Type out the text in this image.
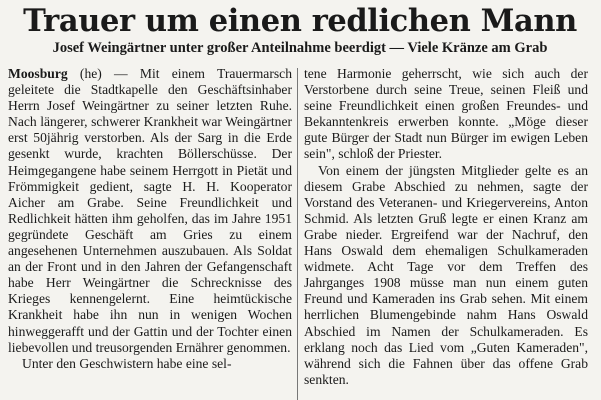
Trauer um einen redlichen Mann
Josef Weingärtner unter großer Anteilnahme beerdigt — Viele Kränze am Grab

Moosburg (he) — Mit einem Trauermarsch geleitete die Stadtkapelle den Geschäftsinhaber Herrn Josef Weingärtner zu seiner letzten Ruhe. Nach längerer, schwerer Krankheit war Weingärtner erst 50jährig verstorben. Als der Sarg in die Erde gesenkt wurde, krachten Böllerschüsse. Der Heimgegangene habe seinem Herrgott in Pietät und Frömmigkeit gedient, sagte H. H. Kooperator Aicher am Grabe. Seine Freundlichkeit und Redlichkeit hätten ihm geholfen, das im Jahre 1951 gegründete Geschäft am Gries zu einem angesehenen Unternehmen auszubauen. Als Soldat an der Front und in den Jahren der Gefangenschaft habe Herr Weingärtner die Schrecknisse des Krieges kennengelernt. Eine heimtückische Krankheit habe ihn nun in wenigen Wochen hinweggerafft und der Gattin und der Tochter einen liebevollen und treusorgenden Ernährer genommen.

Unter den Geschwistern habe eine sel-

tene Harmonie geherrscht, wie sich auch der Verstorbene durch seine Treue, seinen Fleiß und seine Freundlichkeit einen großen Freundes- und Bekanntenkreis erwerben konnte. „Möge dieser gute Bürger der Stadt nun Bürger im ewigen Leben sein", schloß der Priester.

Von einem der jüngsten Mitglieder gelte es an diesem Grabe Abschied zu nehmen, sagte der Vorstand des Veteranen- und Kriegervereins, Anton Schmid. Als letzten Gruß legte er einen Kranz am Grabe nieder. Ergreifend war der Nachruf, den Hans Oswald dem ehemaligen Schulkameraden widmete. Acht Tage vor dem Treffen des Jahrganges 1908 müsse man nun einem guten Freund und Kameraden ins Grab sehen. Mit einem herrlichen Blumengebinde nahm Hans Oswald Abschied im Namen der Schulkameraden. Es erklang noch das Lied vom „Guten Kameraden", während sich die Fahnen über das offene Grab senkten.
